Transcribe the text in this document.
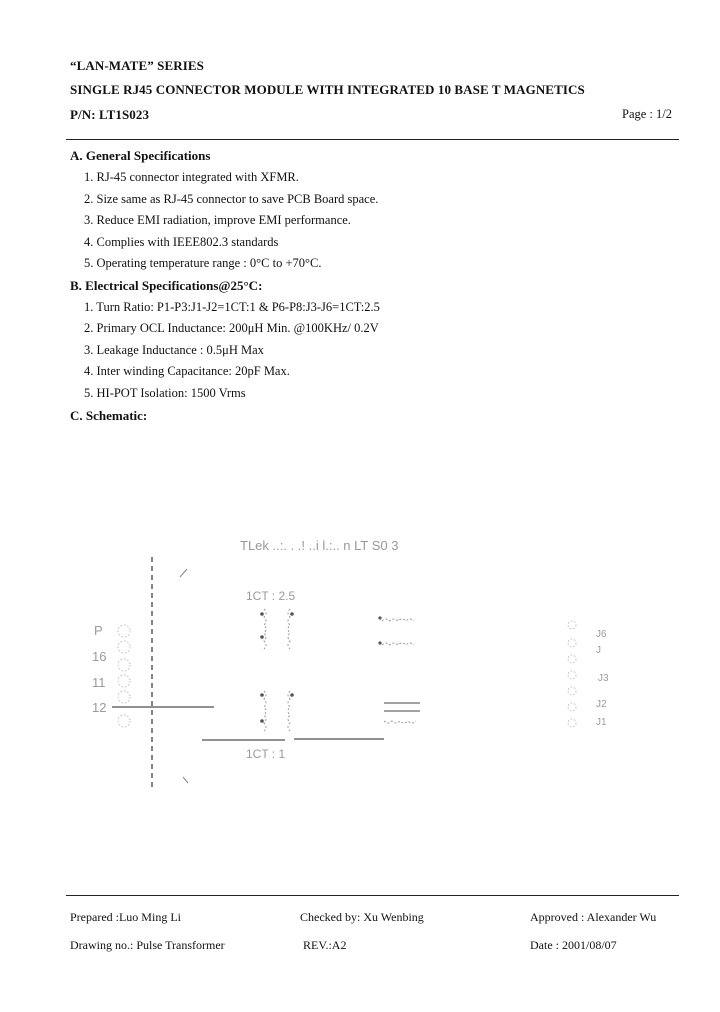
“LAN-MATE” SERIES
SINGLE RJ45 CONNECTOR MODULE WITH INTEGRATED 10 BASE T MAGNETICS
P/N: LT1S023	Page : 1/2
A. General Specifications
1. RJ-45 connector integrated with XFMR.
2. Size same as RJ-45 connector to save PCB Board space.
3. Reduce EMI radiation, improve EMI performance.
4. Complies with IEEE802.3 standards
5. Operating temperature range : 0°C to +70°C.
B. Electrical Specifications@25°C:
1. Turn Ratio: P1-P3:J1-J2=1CT:1 & P6-P8:J3-J6=1CT:2.5
2. Primary OCL Inductance: 200μH Min. @100KHz/ 0.2V
3. Leakage Inductance : 0.5μH Max
4. Inter winding Capacitance: 20pF Max.
5. HI-POT Isolation: 1500 Vrms
C. Schematic:
TLek ..:. . .! ..i l.:.. n LT S0 3
P
16
11
12
1CT : 2.5
1CT : 1
J6
J
J3
J2
J1
Prepared :Luo Ming Li	Checked by: Xu Wenbing	Approved : Alexander Wu
Drawing no.: Pulse Transformer	REV.:A2	Date : 2001/08/07
